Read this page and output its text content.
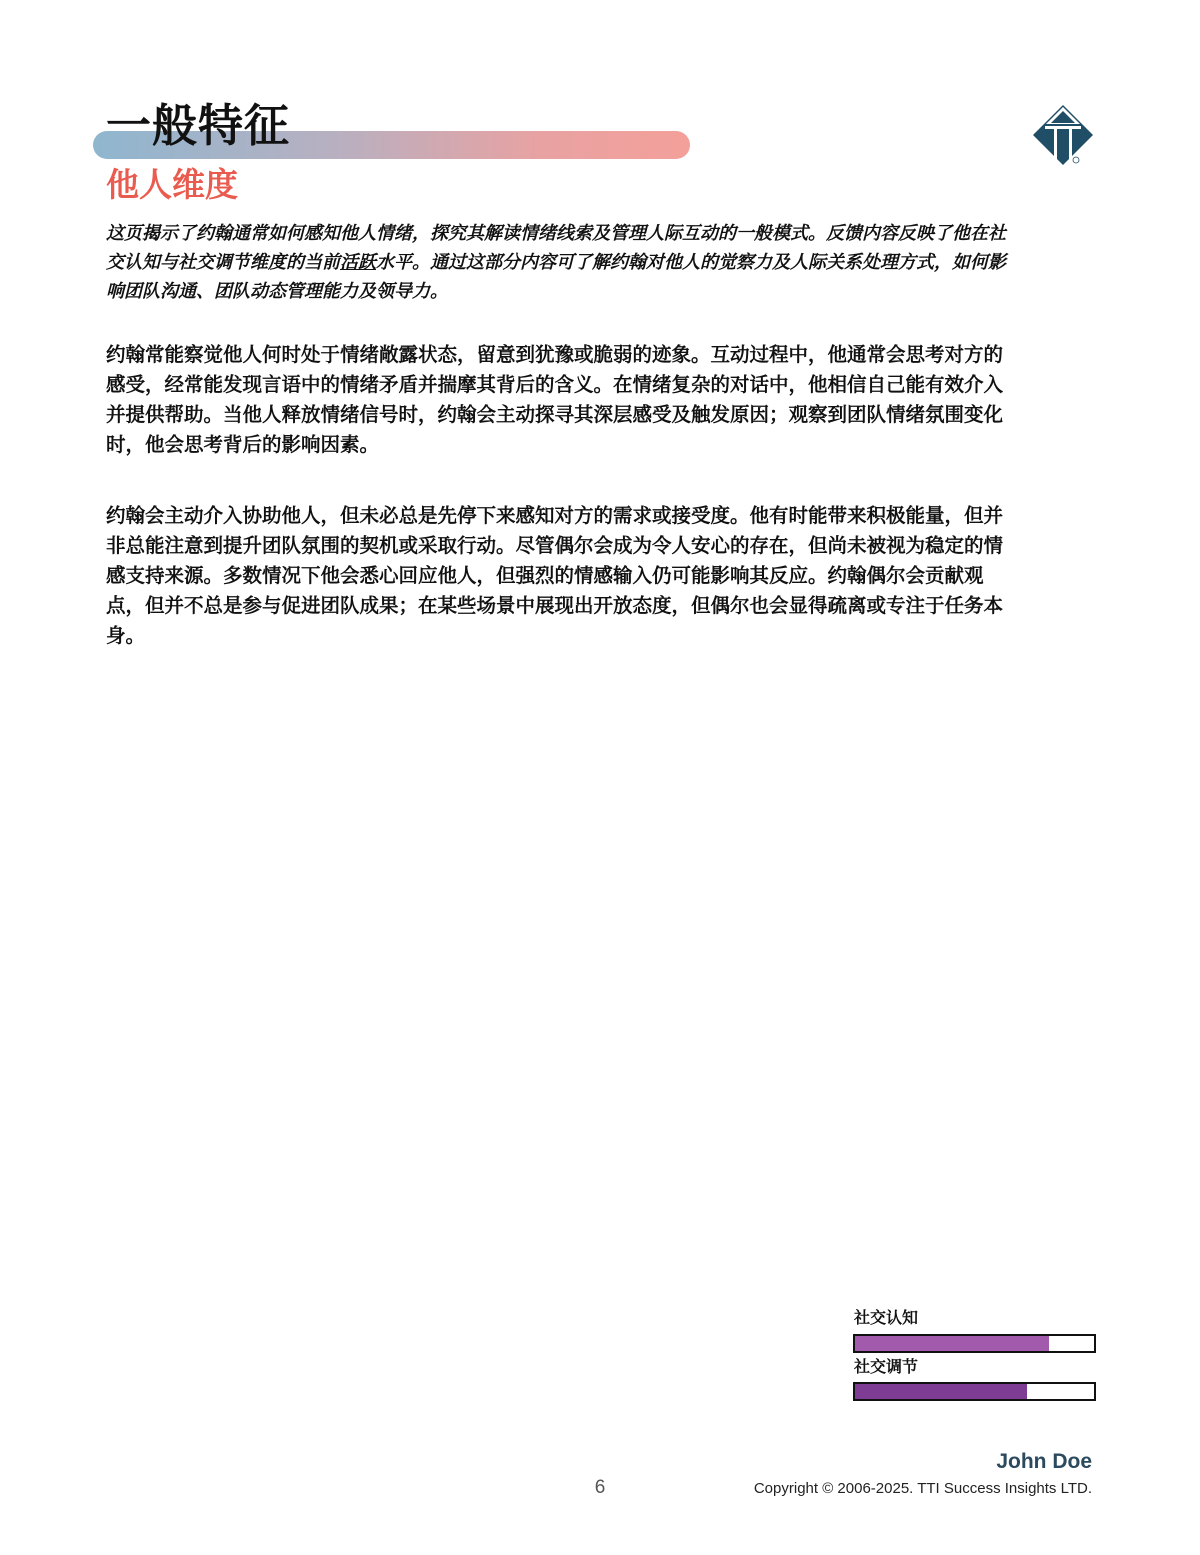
一般特征
他人维度

这页揭示了约翰通常如何感知他人情绪，探究其解读情绪线索及管理人际互动的一般模式。反馈内容反映了他在社交认知与社交调节维度的当前活跃水平。通过这部分内容可了解约翰对他人的觉察力及人际关系处理方式，如何影响团队沟通、团队动态管理能力及领导力。

约翰常能察觉他人何时处于情绪敞露状态，留意到犹豫或脆弱的迹象。互动过程中，他通常会思考对方的感受，经常能发现言语中的情绪矛盾并揣摩其背后的含义。在情绪复杂的对话中，他相信自己能有效介入并提供帮助。当他人释放情绪信号时，约翰会主动探寻其深层感受及触发原因；观察到团队情绪氛围变化时，他会思考背后的影响因素。

约翰会主动介入协助他人，但未必总是先停下来感知对方的需求或接受度。他有时能带来积极能量，但并非总能注意到提升团队氛围的契机或采取行动。尽管偶尔会成为令人安心的存在，但尚未被视为稳定的情感支持来源。多数情况下他会悉心回应他人，但强烈的情感输入仍可能影响其反应。约翰偶尔会贡献观点，但并不总是参与促进团队成果；在某些场景中展现出开放态度，但偶尔也会显得疏离或专注于任务本身。

社交认知
社交调节
John Doe
6	Copyright © 2006-2025. TTI Success Insights LTD.
